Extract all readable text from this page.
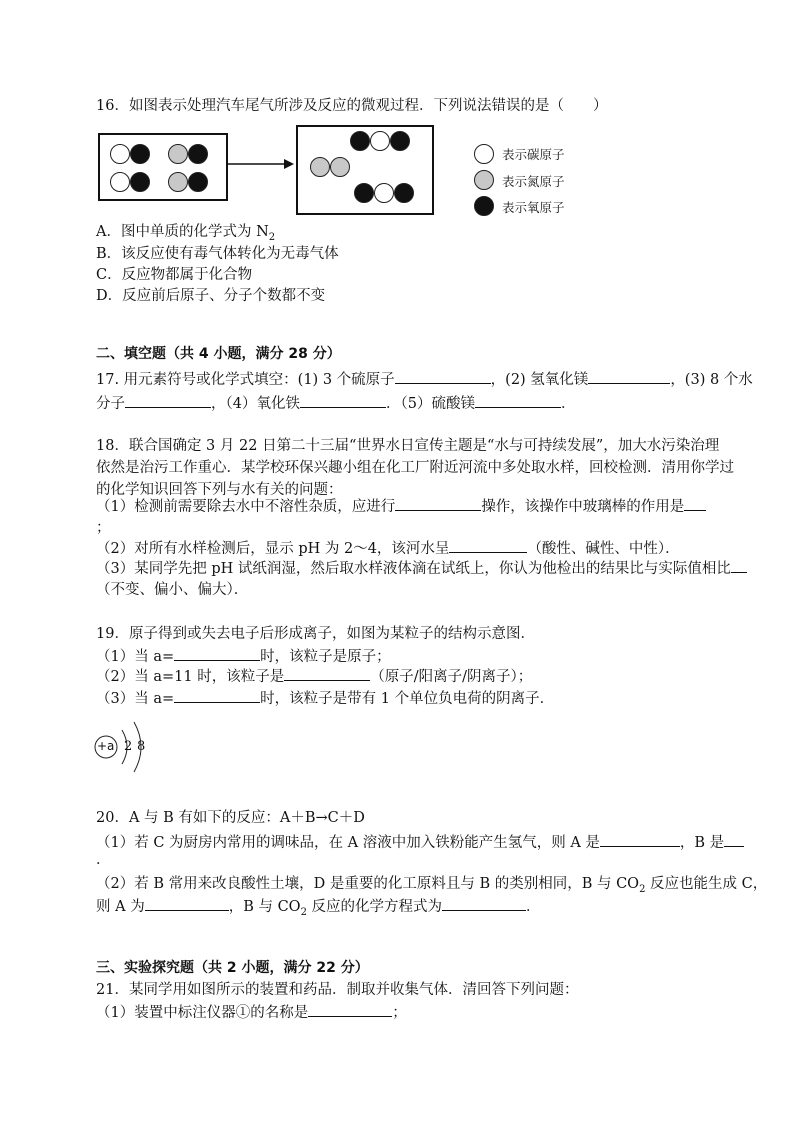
16．如图表示处理汽车尾气所涉及反应的微观过程．下列说法错误的是（　　）
表示碳原子
表示氮原子
表示氧原子
A．图中单质的化学式为 $N_2$
B．该反应使有毒气体转化为无毒气体
C．反应物都属于化合物
D．反应前后原子、分子个数都不变
二、填空题（共 4 小题，满分 28 分）
17. 用元素符号或化学式填空：(1) 3 个硫原子	，(2) 氢氧化镁	，(3) 8 个水
分子	，（4）氧化铁	．（5）硫酸镁	．
18．联合国确定 3 月 22 日第二十三届“世界水日宣传主题是“水与可持续发展”，加大水污染治理
依然是治污工作重心．某学校环保兴趣小组在化工厂附近河流中多处取水样，回校检测．清用你学过
的化学知识回答下列与水有关的问题：
（1）检测前需要除去水中不溶性杂质，应进行	操作，该操作中玻璃棒的作用是
；
（2）对所有水样检测后，显示 pH 为 2～4，该河水呈	（酸性、碱性、中性）．
（3）某同学先把 pH 试纸润湿，然后取水样液体滴在试纸上，你认为他检出的结果比与实际值相比
（不变、偏小、偏大）．
19．原子得到或失去电子后形成离子，如图为某粒子的结构示意图．
（1）当 a=	时，该粒子是原子；
（2）当 a=11 时，该粒子是	（原子/阳离子/阴离子）；
（3）当 a=	时，该粒子是带有 1 个单位负电荷的阴离子．
+a 2 8
20．A 与 B 有如下的反应：A＋B→C＋D
（1）若 C 为厨房内常用的调味品，在 A 溶液中加入铁粉能产生氢气，则 A 是	，B 是
．
（2）若 B 常用来改良酸性土壤，D 是重要的化工原料且与 B 的类别相同，B 与 $CO_2$ 反应也能生成 C，
则 A 为	，B 与 $CO_2$ 反应的化学方程式为	．
三、实验探究题（共 2 小题，满分 22 分）
21．某同学用如图所示的装置和药品．制取并收集气体．清回答下列问题：
（1）装置中标注仪器①的名称是	；
